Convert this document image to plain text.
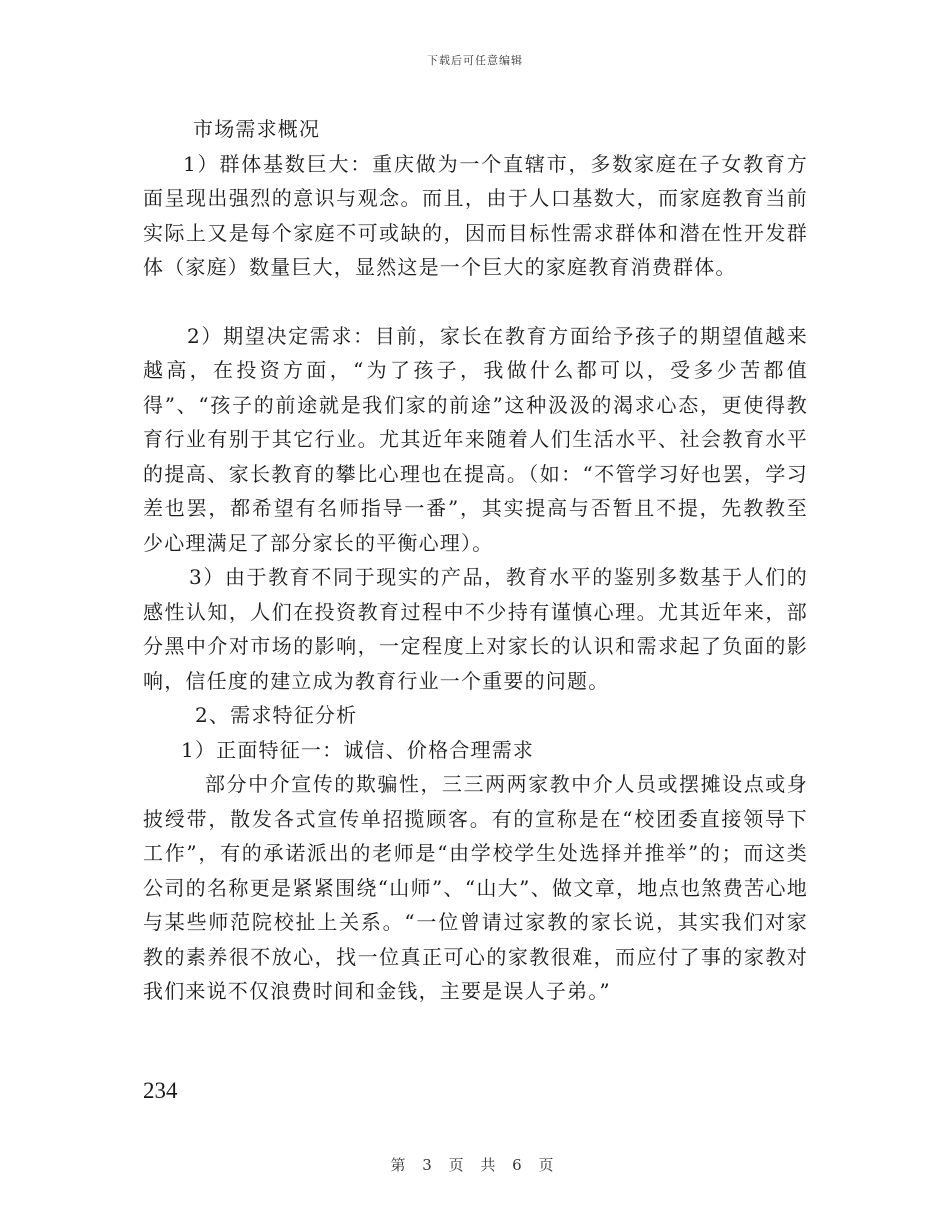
下载后可任意编辑

市场需求概况

1）群体基数巨大：重庆做为一个直辖市，多数家庭在子女教育方面呈现出强烈的意识与观念。而且，由于人口基数大，而家庭教育当前实际上又是每个家庭不可或缺的，因而目标性需求群体和潜在性开发群体（家庭）数量巨大，显然这是一个巨大的家庭教育消费群体。

2）期望决定需求：目前，家长在教育方面给予孩子的期望值越来越高，在投资方面，“为了孩子，我做什么都可以，受多少苦都值得”、“孩子的前途就是我们家的前途”这种汲汲的渴求心态，更使得教育行业有别于其它行业。尤其近年来随着人们生活水平、社会教育水平的提高、家长教育的攀比心理也在提高。（如：“不管学习好也罢，学习差也罢，都希望有名师指导一番”，其实提高与否暂且不提，先教教至少心理满足了部分家长的平衡心理）。

3）由于教育不同于现实的产品，教育水平的鉴别多数基于人们的感性认知，人们在投资教育过程中不少持有谨慎心理。尤其近年来，部分黑中介对市场的影响，一定程度上对家长的认识和需求起了负面的影响，信任度的建立成为教育行业一个重要的问题。

2、需求特征分析

1）正面特征一：诚信、价格合理需求

部分中介宣传的欺骗性，三三两两家教中介人员或摆摊设点或身披绶带，散发各式宣传单招揽顾客。有的宣称是在“校团委直接领导下工作”，有的承诺派出的老师是“由学校学生处选择并推举”的；而这类公司的名称更是紧紧围绕“山师”、“山大”、做文章，地点也煞费苦心地与某些师范院校扯上关系。“一位曾请过家教的家长说，其实我们对家教的素养很不放心，找一位真正可心的家教很难，而应付了事的家教对我们来说不仅浪费时间和金钱，主要是误人子弟。”

234
第 3 页 共 6 页
